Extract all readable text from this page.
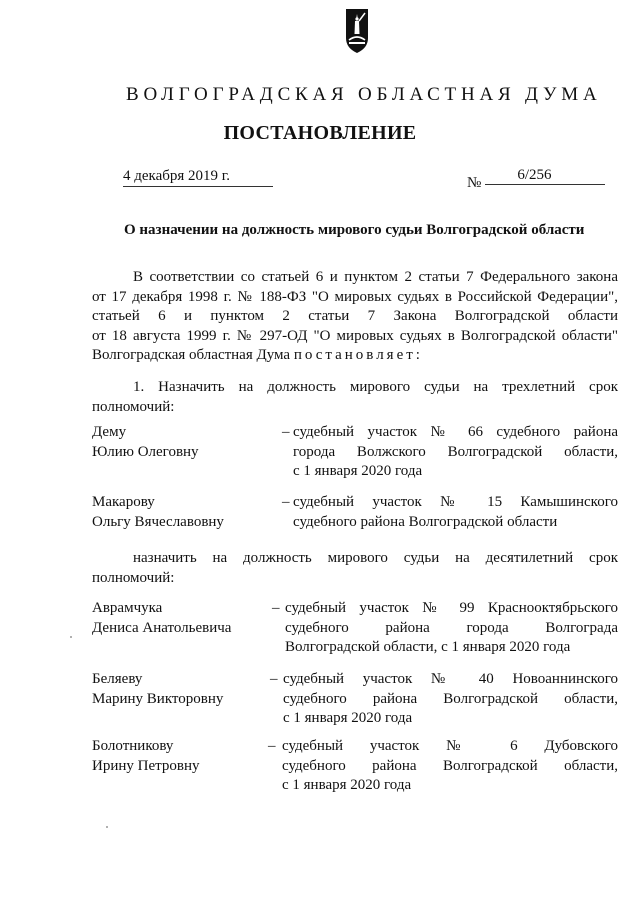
ВОЛГОГРАДСКАЯ ОБЛАСТНАЯ ДУМА
ПОСТАНОВЛЕНИЕ
4 декабря 2019 г.	№ 6/256
О назначении на должность мирового судьи Волгоградской области
В соответствии со статьей 6 и пунктом 2 статьи 7 Федерального закона
от 17 декабря 1998 г. № 188-ФЗ "О мировых судьях в Российской Федерации",
статьей 6 и пунктом 2 статьи 7 Закона Волгоградской области
от 18 августа 1999 г. № 297-ОД "О мировых судьях в Волгоградской области"
Волгоградская областная Дума постановляет:
1. Назначить на должность мирового судьи на трехлетний срок
полномочий:
Дему
Юлию Олеговну
– судебный участок № 66 судебного района
города Волжского Волгоградской области,
с 1 января 2020 года
Макарову
Ольгу Вячеславовну
– судебный участок № 15 Камышинского
судебного района Волгоградской области
назначить на должность мирового судьи на десятилетний срок
полномочий:
Аврамчука
Дениса Анатольевича
– судебный участок № 99 Краснооктябрьского
судебного района города Волгограда
Волгоградской области, с 1 января 2020 года
Беляеву
Марину Викторовну
– судебный участок № 40 Новоаннинского
судебного района Волгоградской области,
с 1 января 2020 года
Болотникову
Ирину Петровну
– судебный участок № 6 Дубовского
судебного района Волгоградской области,
с 1 января 2020 года
